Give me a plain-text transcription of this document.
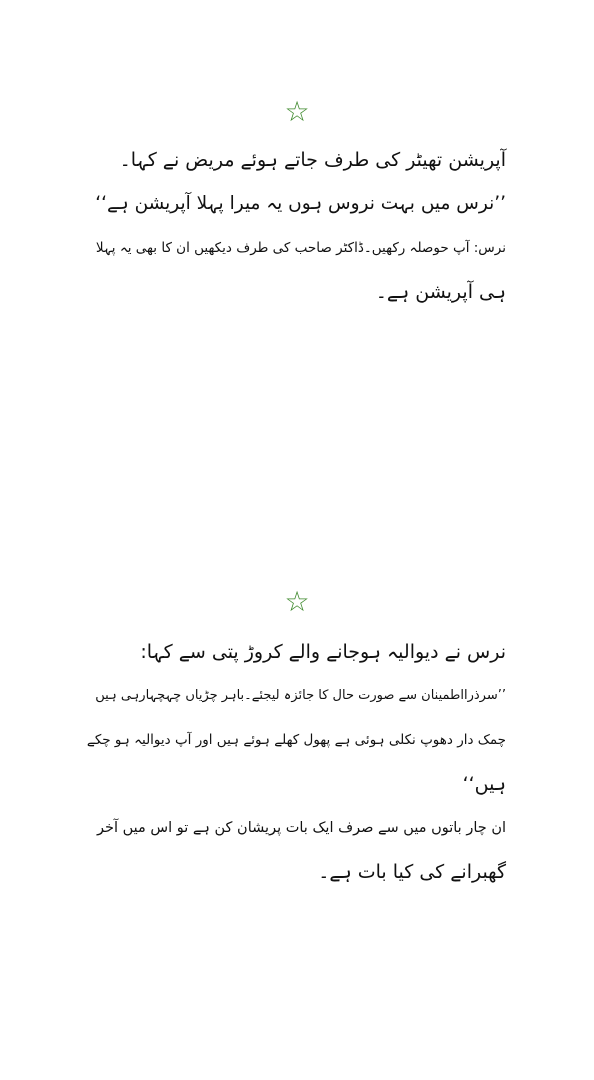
☆
آپریشن تھیٹر کی طرف جاتے ہوئے مریض نے کہا۔
’’نرس میں بہت نروس ہوں یہ میرا پہلا آپریشن ہے‘‘
نرس: آپ حوصلہ رکھیں۔ڈاکٹر صاحب کی طرف دیکھیں ان کا بھی یہ پہلا
ہی آپریشن ہے۔
☆
نرس نے دیوالیہ ہوجانے والے کروڑ پتی سے کہا:
’’سرذرااطمینان سے صورت حال کا جائزہ لیجئے۔باہر چڑیاں چہچہارہی ہیں
چمک دار دھوپ نکلی ہوئی ہے پھول کھلے ہوئے ہیں اور آپ دیوالیہ ہو چکے
ہیں‘‘
ان چار باتوں میں سے صرف ایک بات پریشان کن ہے تو اس میں آخر
گھبرانے کی کیا بات ہے۔
